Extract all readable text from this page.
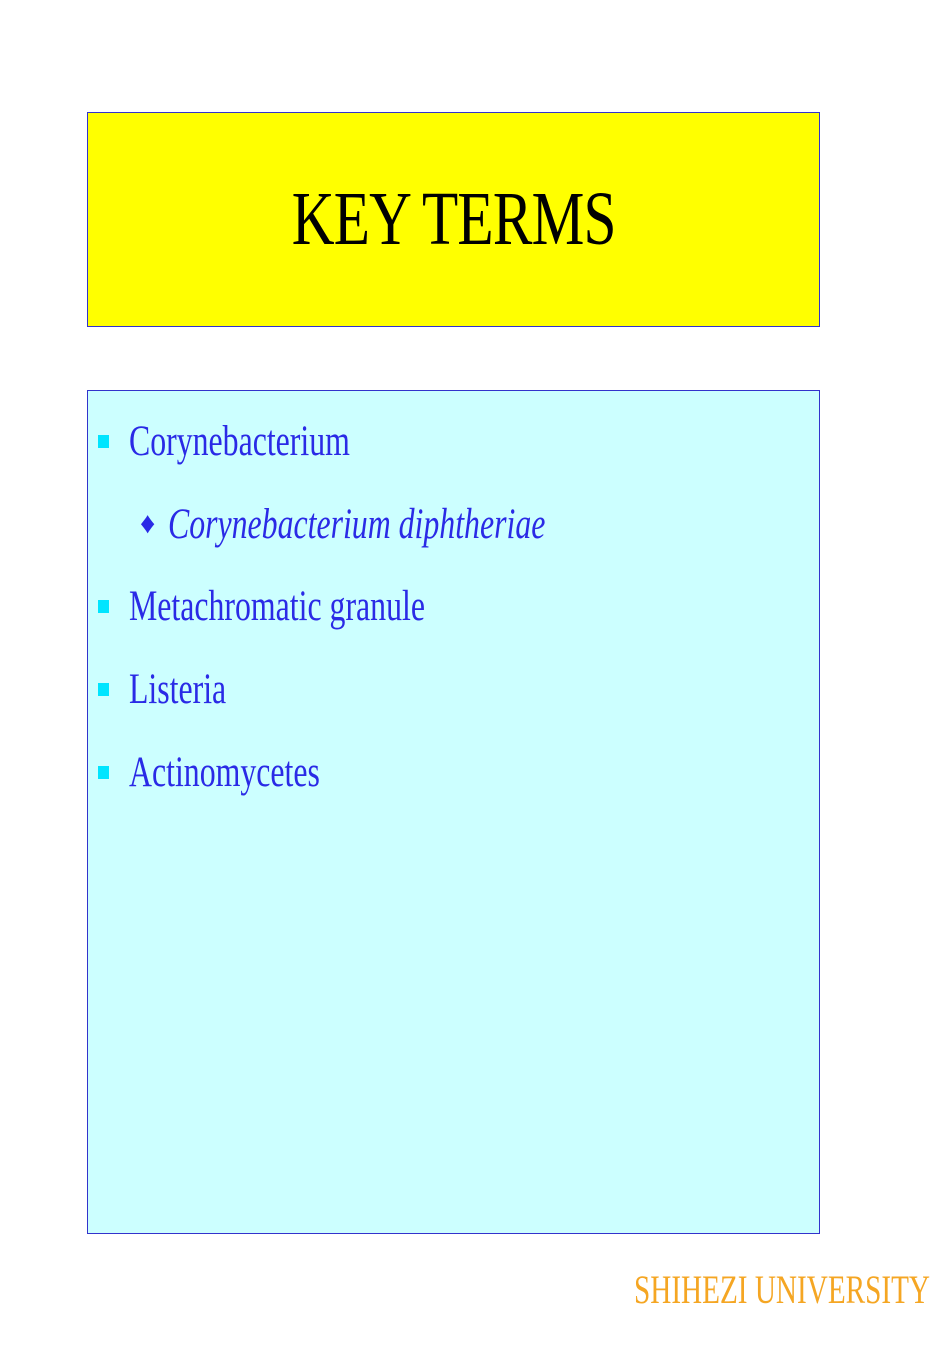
KEY TERMS
Corynebacterium
♦ Corynebacterium diphtheriae
Metachromatic granule
Listeria
Actinomycetes
SHIHEZI UNIVERSITY
